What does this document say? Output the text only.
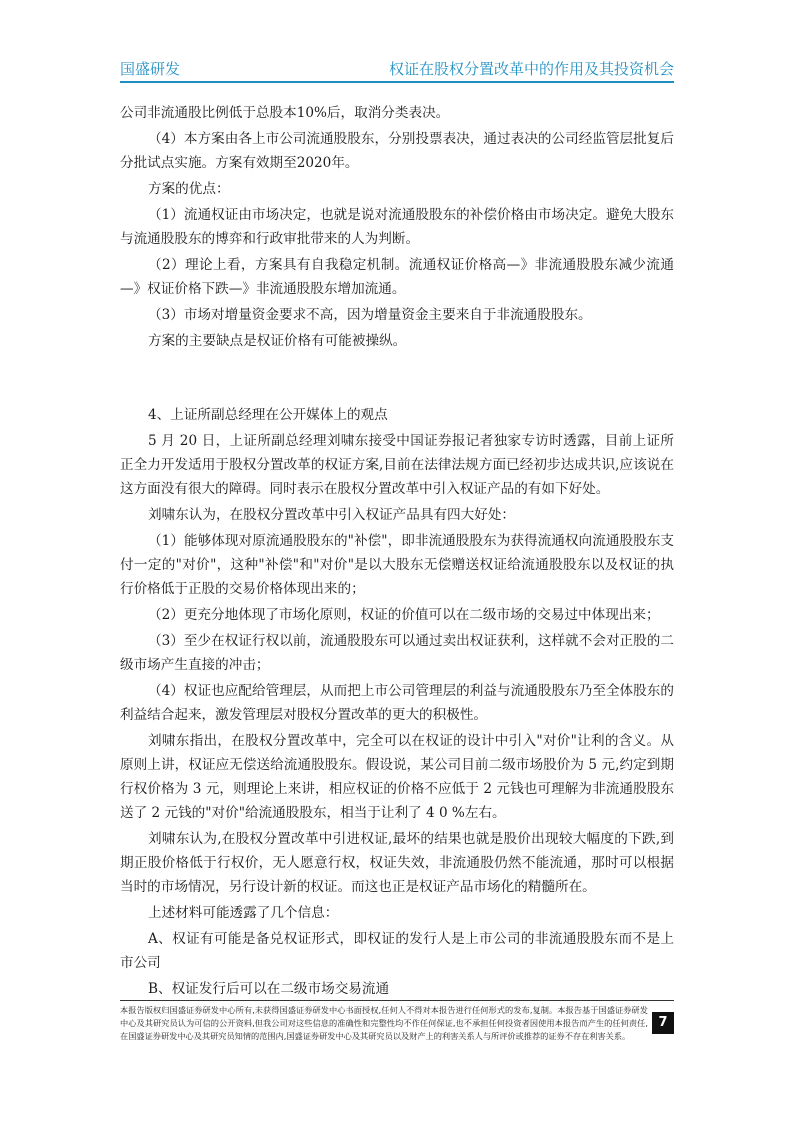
国盛研发	权证在股权分置改革中的作用及其投资机会

公司非流通股比例低于总股本10%后，取消分类表决。

（4）本方案由各上市公司流通股股东，分别投票表决，通过表决的公司经监管层批复后分批试点实施。方案有效期至2020年。

方案的优点：

（1）流通权证由市场决定，也就是说对流通股股东的补偿价格由市场决定。避免大股东与流通股股东的博弈和行政审批带来的人为判断。

（2）理论上看，方案具有自我稳定机制。流通权证价格高—》非流通股股东减少流通—》权证价格下跌—》非流通股股东增加流通。

（3）市场对增量资金要求不高，因为增量资金主要来自于非流通股股东。

方案的主要缺点是权证价格有可能被操纵。

4、上证所副总经理在公开媒体上的观点

5 月 20 日，上证所副总经理刘啸东接受中国证券报记者独家专访时透露，目前上证所正全力开发适用于股权分置改革的权证方案,目前在法律法规方面已经初步达成共识,应该说在这方面没有很大的障碍。同时表示在股权分置改革中引入权证产品的有如下好处。

刘啸东认为，在股权分置改革中引入权证产品具有四大好处：

（1）能够体现对原流通股股东的"补偿"，即非流通股股东为获得流通权向流通股股东支付一定的"对价"，这种"补偿"和"对价"是以大股东无偿赠送权证给流通股股东以及权证的执行价格低于正股的交易价格体现出来的；

（2）更充分地体现了市场化原则，权证的价值可以在二级市场的交易过中体现出来；

（3）至少在权证行权以前，流通股股东可以通过卖出权证获利，这样就不会对正股的二级市场产生直接的冲击；

（4）权证也应配给管理层，从而把上市公司管理层的利益与流通股股东乃至全体股东的利益结合起来，激发管理层对股权分置改革的更大的积极性。

刘啸东指出，在股权分置改革中，完全可以在权证的设计中引入"对价"让利的含义。从原则上讲，权证应无偿送给流通股股东。假设说，某公司目前二级市场股价为 5 元,约定到期行权价格为 3 元，则理论上来讲，相应权证的价格不应低于 2 元钱也可理解为非流通股股东送了 2 元钱的"对价"给流通股股东，相当于让利了 4 0 %左右。

刘啸东认为,在股权分置改革中引进权证,最坏的结果也就是股价出现较大幅度的下跌,到期正股价格低于行权价，无人愿意行权，权证失效，非流通股仍然不能流通，那时可以根据当时的市场情况，另行设计新的权证。而这也正是权证产品市场化的精髓所在。

上述材料可能透露了几个信息：

A、权证有可能是备兑权证形式，即权证的发行人是上市公司的非流通股股东而不是上市公司

B、权证发行后可以在二级市场交易流通

本报告版权归国盛证券研发中心所有,未获得国盛证券研发中心书面授权,任何人不得对本报告进行任何形式的发布,复制。本报告基于国盛证券研发中心及其研究员认为可信的公开资料,但我公司对这些信息的准确性和完整性均不作任何保证,也不承担任何投资者因使用本报告而产生的任何责任,在国盛证券研发中心及其研究员知情的范围内,国盛证券研发中心及其研究员以及财产上的利害关系人与所评价或推荐的证券不存在利害关系。
7
